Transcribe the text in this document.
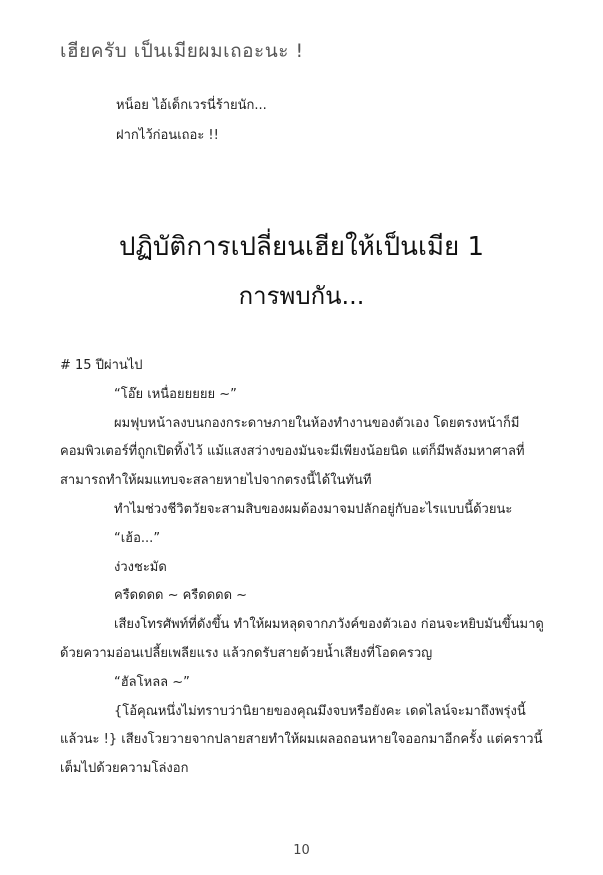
เฮียครับ เป็นเมียผมเถอะนะ !
หน็อย ไอ้เด็กเวรนี่ร้ายนัก...
ฝากไว้ก่อนเถอะ !!
ปฏิบัติการเปลี่ยนเฮียให้เป็นเมีย 1
การพบกัน...

# 15 ปีผ่านไป

“โอ๊ย เหนื่อยยยยย ~”

ผมฟุบหน้าลงบนกองกระดาษภายในห้องทำงานของตัวเอง โดยตรงหน้าก็มีคอมพิวเตอร์ที่ถูกเปิดทิ้งไว้ แม้แสงสว่างของมันจะมีเพียงน้อยนิด แต่ก็มีพลังมหาศาลที่สามารถทำให้ผมแทบจะสลายหายไปจากตรงนี้ได้ในทันที

ทำไมช่วงชีวิตวัยจะสามสิบของผมต้องมาจมปลักอยู่กับอะไรแบบนี้ด้วยนะ

“เฮ้อ...”

ง่วงชะมัด

ครืดดดด ~ ครืดดดด ~

เสียงโทรศัพท์ที่ดังขึ้น ทำให้ผมหลุดจากภวังค์ของตัวเอง ก่อนจะหยิบมันขึ้นมาดูด้วยความอ่อนเปลี้ยเพลียแรง แล้วกดรับสายด้วยน้ำเสียงที่โอดครวญ

“ฮัลโหลล ~”

{โอ้คุณหนึ่งไม่ทราบว่านิยายของคุณมึงจบหรือยังคะ เดดไลน์จะมาถึงพรุ่งนี้แล้วนะ !} เสียงโวยวายจากปลายสายทำให้ผมเผลอถอนหายใจออกมาอีกครั้ง แต่คราวนี้เต็มไปด้วยความโล่งอก

10
